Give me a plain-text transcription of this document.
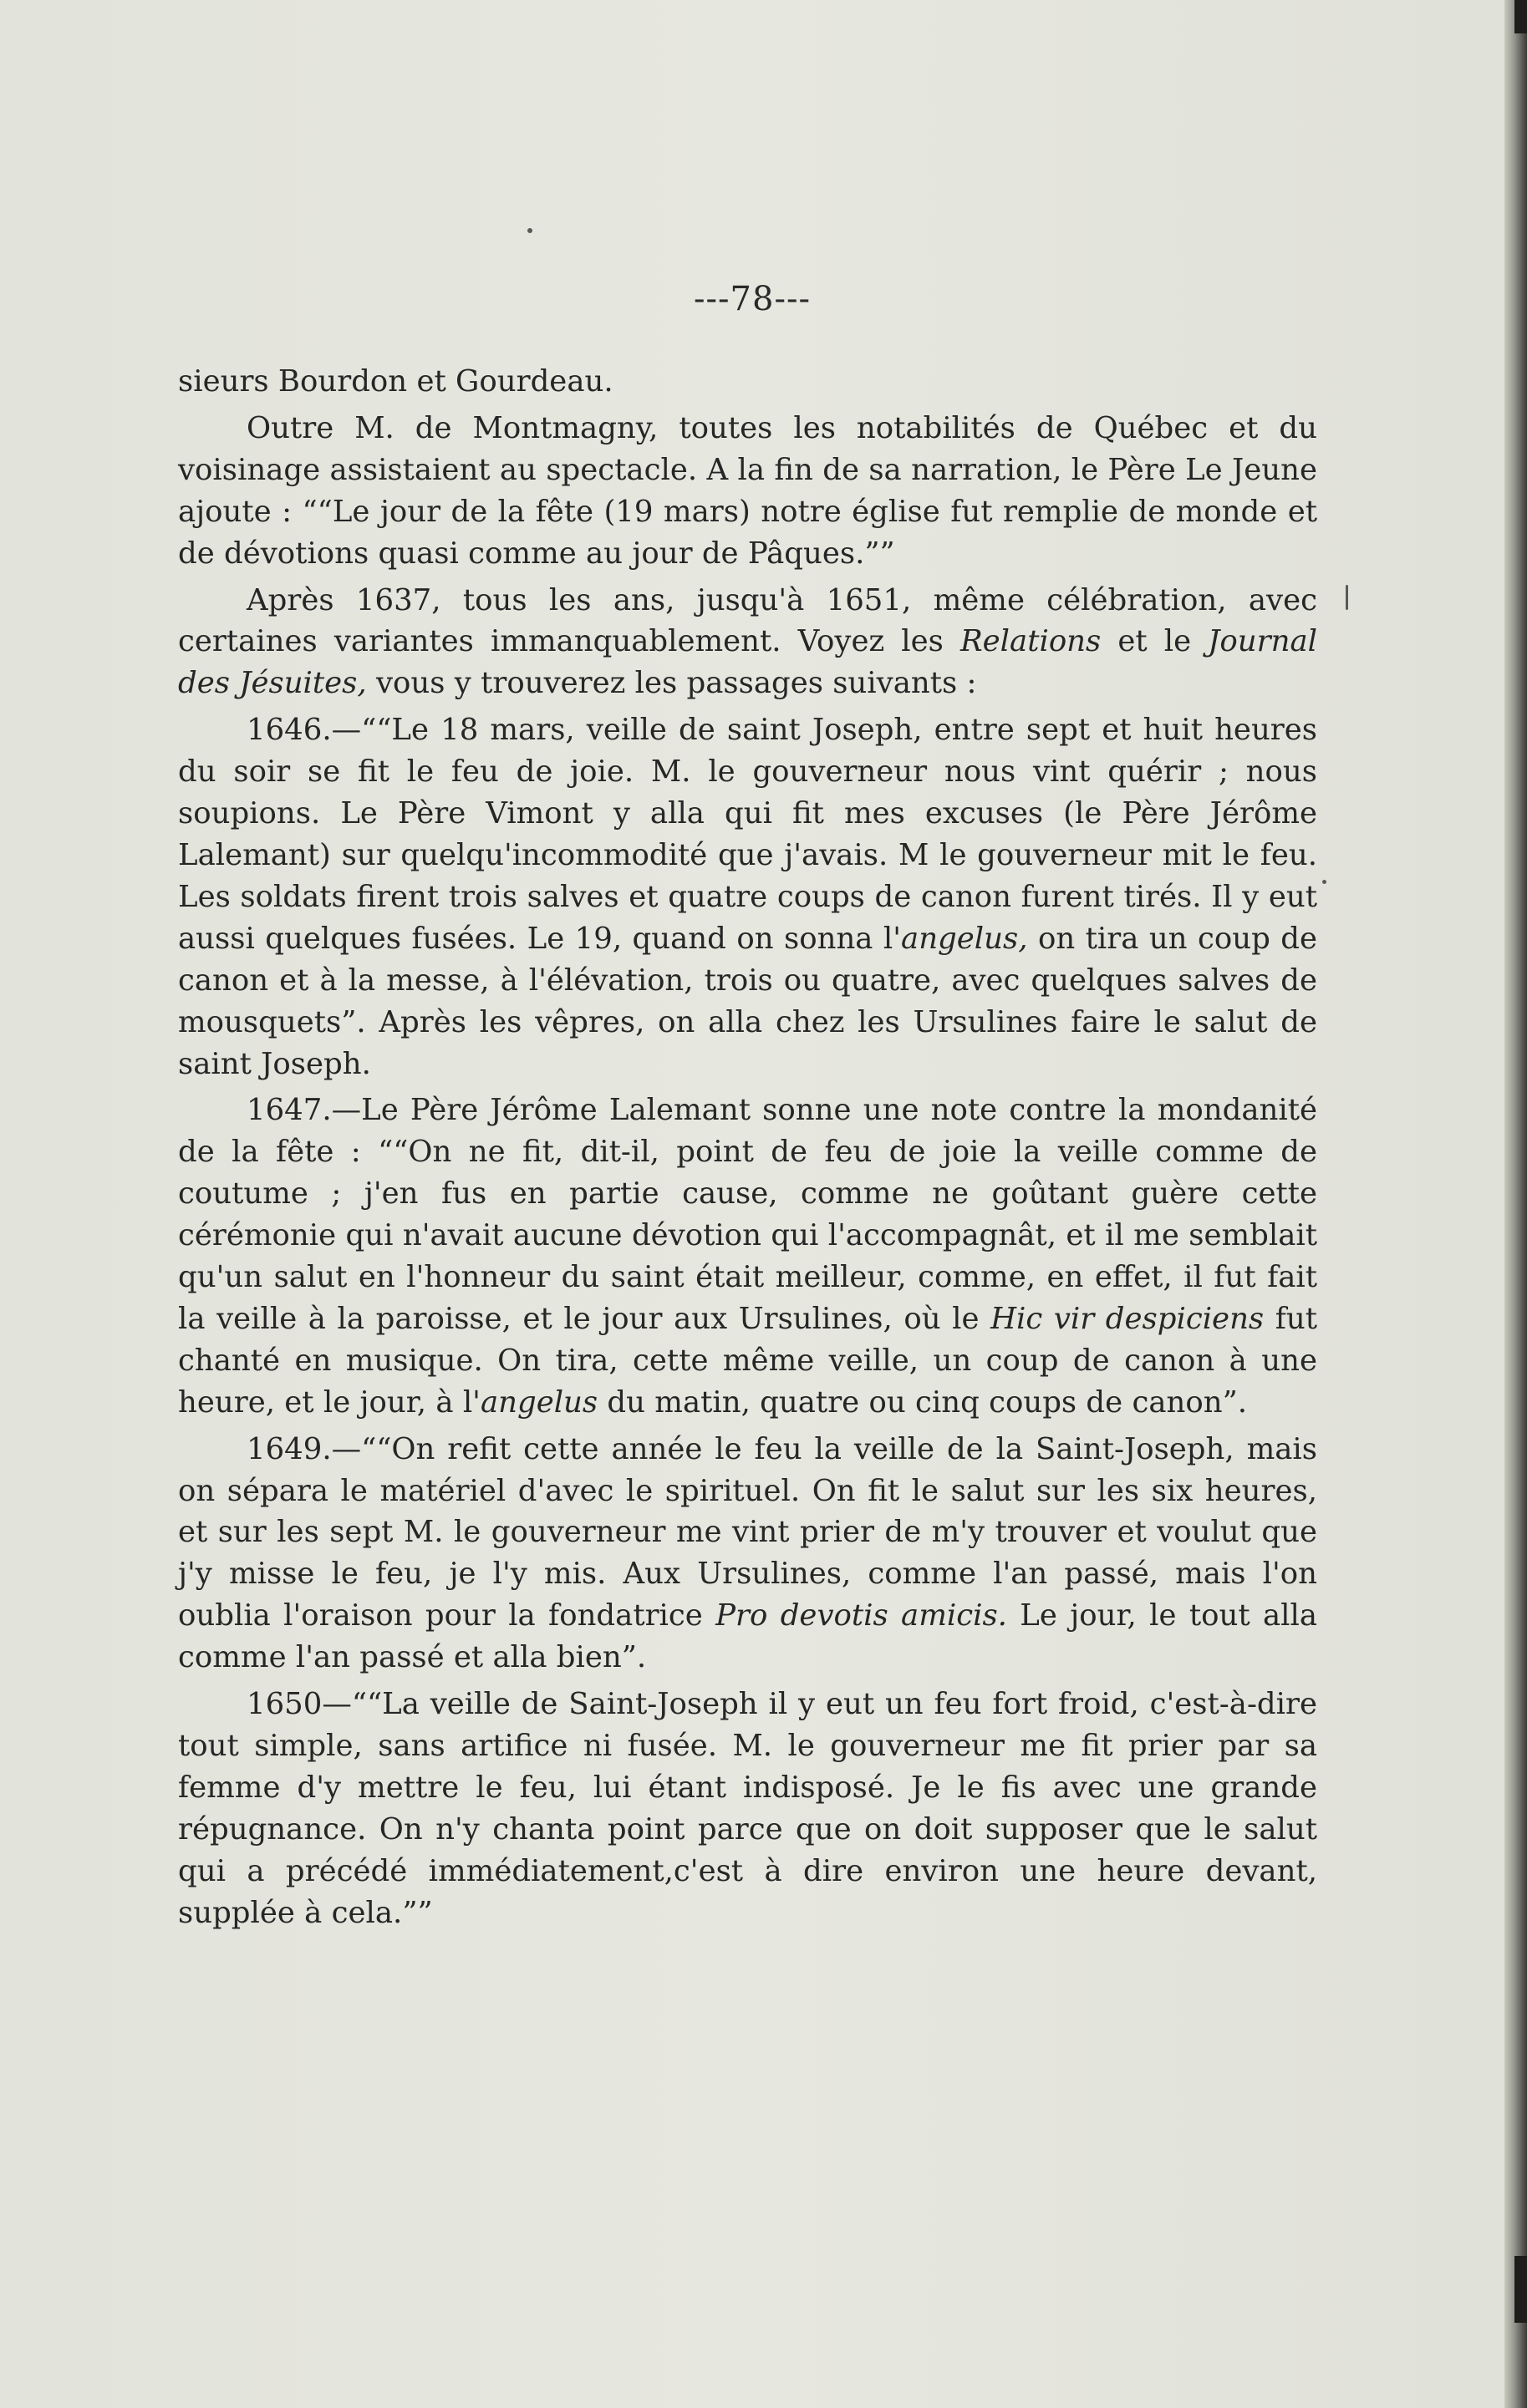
---78---

sieurs Bourdon et Gourdeau.

Outre M. de Montmagny, toutes les notabilités de Québec et du voisinage assistaient au spectacle. A la fin de sa narration, le Père Le Jeune ajoute : ““Le jour de la fête (19 mars) notre église fut remplie de monde et de dévotions quasi comme au jour de Pâques.””

Après 1637, tous les ans, jusqu'à 1651, même célébration, avec certaines variantes immanquablement. Voyez les Relations et le Journal des Jésuites, vous y trouverez les passages suivants :

1646.—““Le 18 mars, veille de saint Joseph, entre sept et huit heures du soir se fit le feu de joie. M. le gouverneur nous vint quérir ; nous soupions. Le Père Vimont y alla qui fit mes excuses (le Père Jérôme Lalemant) sur quelqu'incommodité que j'avais. M le gouverneur mit le feu. Les soldats firent trois salves et quatre coups de canon furent tirés. Il y eut aussi quelques fusées. Le 19, quand on sonna l'angelus, on tira un coup de canon et à la messe, à l'élévation, trois ou quatre, avec quelques salves de mousquets”. Après les vêpres, on alla chez les Ursulines faire le salut de saint Joseph.

1647.—Le Père Jérôme Lalemant sonne une note contre la mondanité de la fête : ““On ne fit, dit-il, point de feu de joie la veille comme de coutume ; j'en fus en partie cause, comme ne goûtant guère cette cérémonie qui n'avait aucune dévotion qui l'accompagnât, et il me semblait qu'un salut en l'honneur du saint était meilleur, comme, en effet, il fut fait la veille à la paroisse, et le jour aux Ursulines, où le Hic vir despiciens fut chanté en musique. On tira, cette même veille, un coup de canon à une heure, et le jour, à l'angelus du matin, quatre ou cinq coups de canon”.

1649.—““On refit cette année le feu la veille de la Saint-Joseph, mais on sépara le matériel d'avec le spirituel. On fit le salut sur les six heures, et sur les sept M. le gouverneur me vint prier de m'y trouver et voulut que j'y misse le feu, je l'y mis. Aux Ursulines, comme l'an passé, mais l'on oublia l'oraison pour la fondatrice Pro devotis amicis. Le jour, le tout alla comme l'an passé et alla bien”.

1650—““La veille de Saint-Joseph il y eut un feu fort froid, c'est-à-dire tout simple, sans artifice ni fusée. M. le gouverneur me fit prier par sa femme d'y mettre le feu, lui étant indisposé. Je le fis avec une grande répugnance. On n'y chanta point parce que on doit supposer que le salut qui a précédé immédiatement,c'est à dire environ une heure devant, supplée à cela.””
